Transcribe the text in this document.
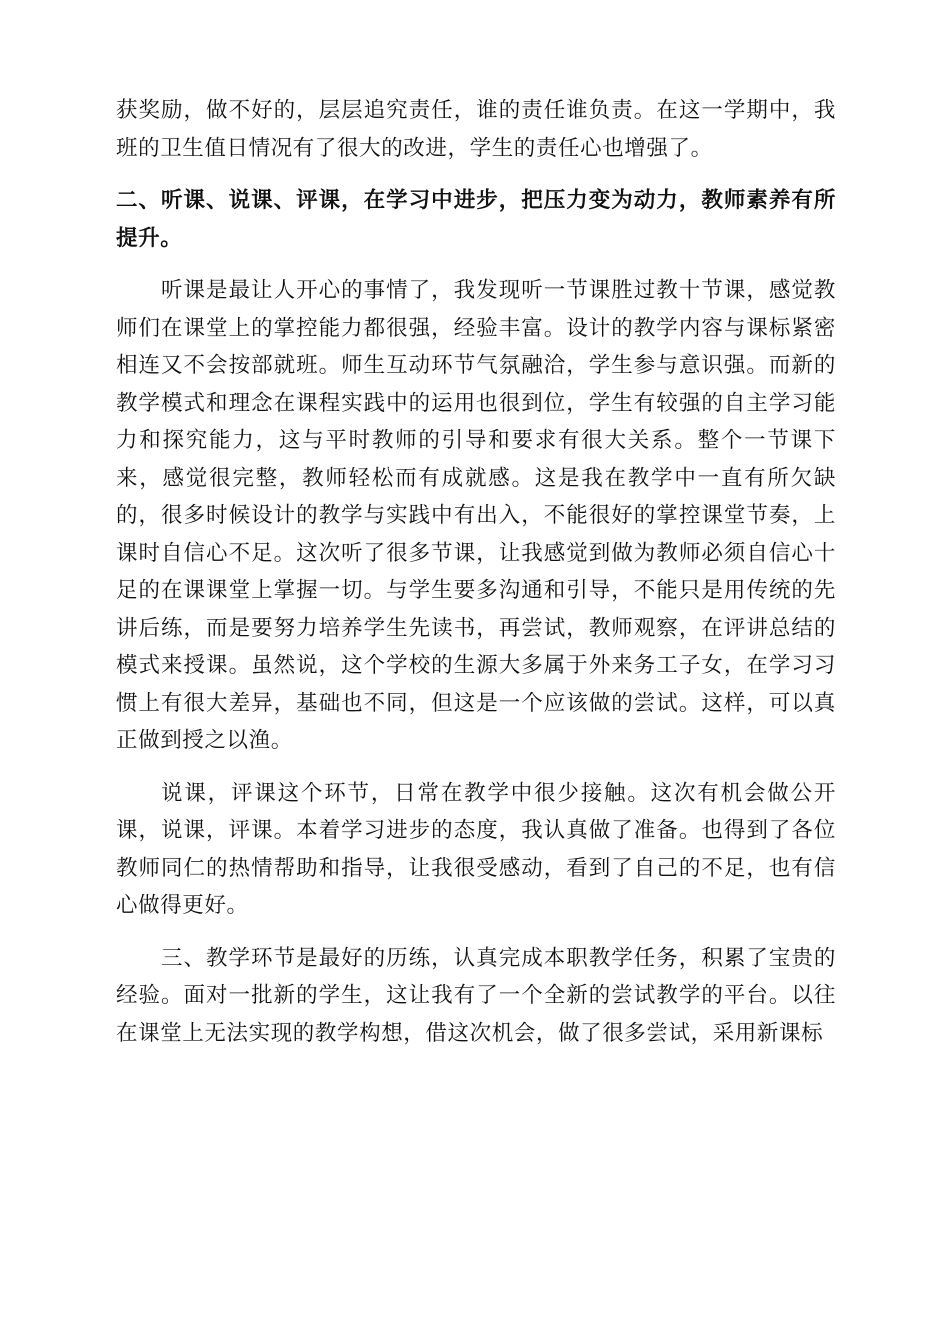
获奖励，做不好的，层层追究责任，谁的责任谁负责。在这一学期中，我班的卫生值日情况有了很大的改进，学生的责任心也增强了。

二、听课、说课、评课，在学习中进步，把压力变为动力，教师素养有所提升。

听课是最让人开心的事情了，我发现听一节课胜过教十节课，感觉教师们在课堂上的掌控能力都很强，经验丰富。设计的教学内容与课标紧密相连又不会按部就班。师生互动环节气氛融洽，学生参与意识强。而新的教学模式和理念在课程实践中的运用也很到位，学生有较强的自主学习能力和探究能力，这与平时教师的引导和要求有很大关系。整个一节课下来，感觉很完整，教师轻松而有成就感。这是我在教学中一直有所欠缺的，很多时候设计的教学与实践中有出入，不能很好的掌控课堂节奏，上课时自信心不足。这次听了很多节课，让我感觉到做为教师必须自信心十足的在课课堂上掌握一切。与学生要多沟通和引导，不能只是用传统的先讲后练，而是要努力培养学生先读书，再尝试，教师观察，在评讲总结的模式来授课。虽然说，这个学校的生源大多属于外来务工子女，在学习习惯上有很大差异，基础也不同，但这是一个应该做的尝试。这样，可以真正做到授之以渔。

说课，评课这个环节，日常在教学中很少接触。这次有机会做公开课，说课，评课。本着学习进步的态度，我认真做了准备。也得到了各位教师同仁的热情帮助和指导，让我很受感动，看到了自己的不足，也有信心做得更好。

三、教学环节是最好的历练，认真完成本职教学任务，积累了宝贵的经验。面对一批新的学生，这让我有了一个全新的尝试教学的平台。以往在课堂上无法实现的教学构想，借这次机会，做了很多尝试，采用新课标
